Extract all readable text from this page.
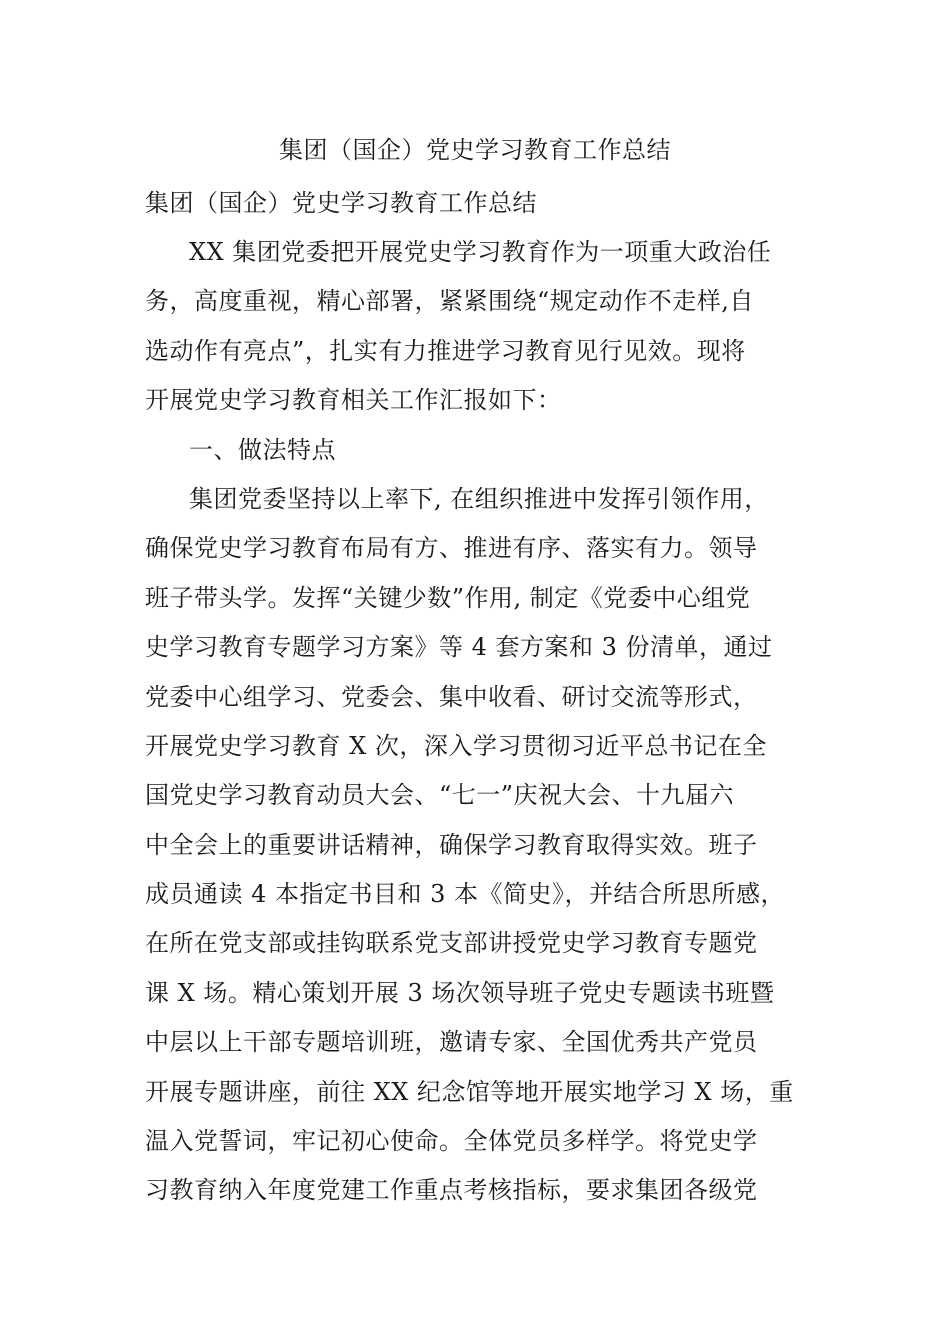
集团（国企）党史学习教育工作总结
集团（国企）党史学习教育工作总结
XX 集团党委把开展党史学习教育作为一项重大政治任
务，高度重视，精心部署，紧紧围绕“规定动作不走样,自
选动作有亮点”，扎实有力推进学习教育见行见效。现将
开展党史学习教育相关工作汇报如下：
一、做法特点
集团党委坚持以上率下, 在组织推进中发挥引领作用，
确保党史学习教育布局有方、推进有序、落实有力。领导
班子带头学。发挥“关键少数”作用, 制定《党委中心组党
史学习教育专题学习方案》等 4 套方案和 3 份清单，通过
党委中心组学习、党委会、集中收看、研讨交流等形式，
开展党史学习教育 X 次，深入学习贯彻习近平总书记在全
国党史学习教育动员大会、“七一”庆祝大会、十九届六
中全会上的重要讲话精神，确保学习教育取得实效。班子
成员通读 4 本指定书目和 3 本《简史》，并结合所思所感，
在所在党支部或挂钩联系党支部讲授党史学习教育专题党
课 X 场。精心策划开展 3 场次领导班子党史专题读书班暨
中层以上干部专题培训班，邀请专家、全国优秀共产党员
开展专题讲座，前往 XX 纪念馆等地开展实地学习 X 场，重
温入党誓词，牢记初心使命。全体党员多样学。将党史学
习教育纳入年度党建工作重点考核指标，要求集团各级党
